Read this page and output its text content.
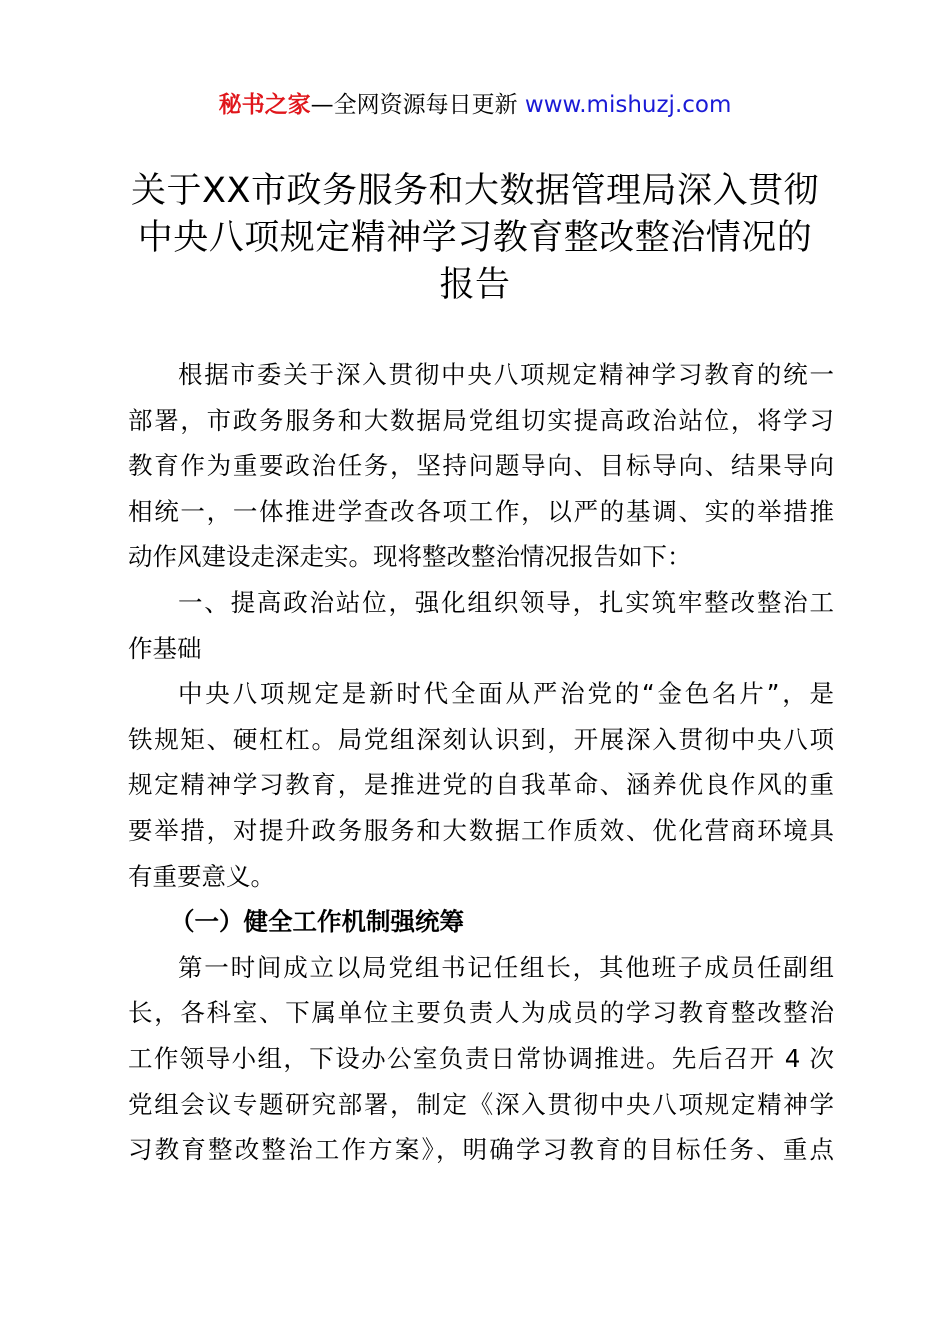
秘书之家—全网资源每日更新 www.mishuzj.com
关于XX市政务服务和大数据管理局深入贯彻
中央八项规定精神学习教育整改整治情况的
报告
根据市委关于深入贯彻中央八项规定精神学习教育的统一
部署，市政务服务和大数据局党组切实提高政治站位，将学习
教育作为重要政治任务，坚持问题导向、目标导向、结果导向
相统一，一体推进学查改各项工作，以严的基调、实的举措推
动作风建设走深走实。现将整改整治情况报告如下：
一、提高政治站位，强化组织领导，扎实筑牢整改整治工
作基础
中央八项规定是新时代全面从严治党的“金色名片”，是
铁规矩、硬杠杠。局党组深刻认识到，开展深入贯彻中央八项
规定精神学习教育，是推进党的自我革命、涵养优良作风的重
要举措，对提升政务服务和大数据工作质效、优化营商环境具
有重要意义。
（一）健全工作机制强统筹
第一时间成立以局党组书记任组长，其他班子成员任副组
长，各科室、下属单位主要负责人为成员的学习教育整改整治
工作领导小组，下设办公室负责日常协调推进。先后召开 4 次
党组会议专题研究部署，制定《深入贯彻中央八项规定精神学
习教育整改整治工作方案》，明确学习教育的目标任务、重点
